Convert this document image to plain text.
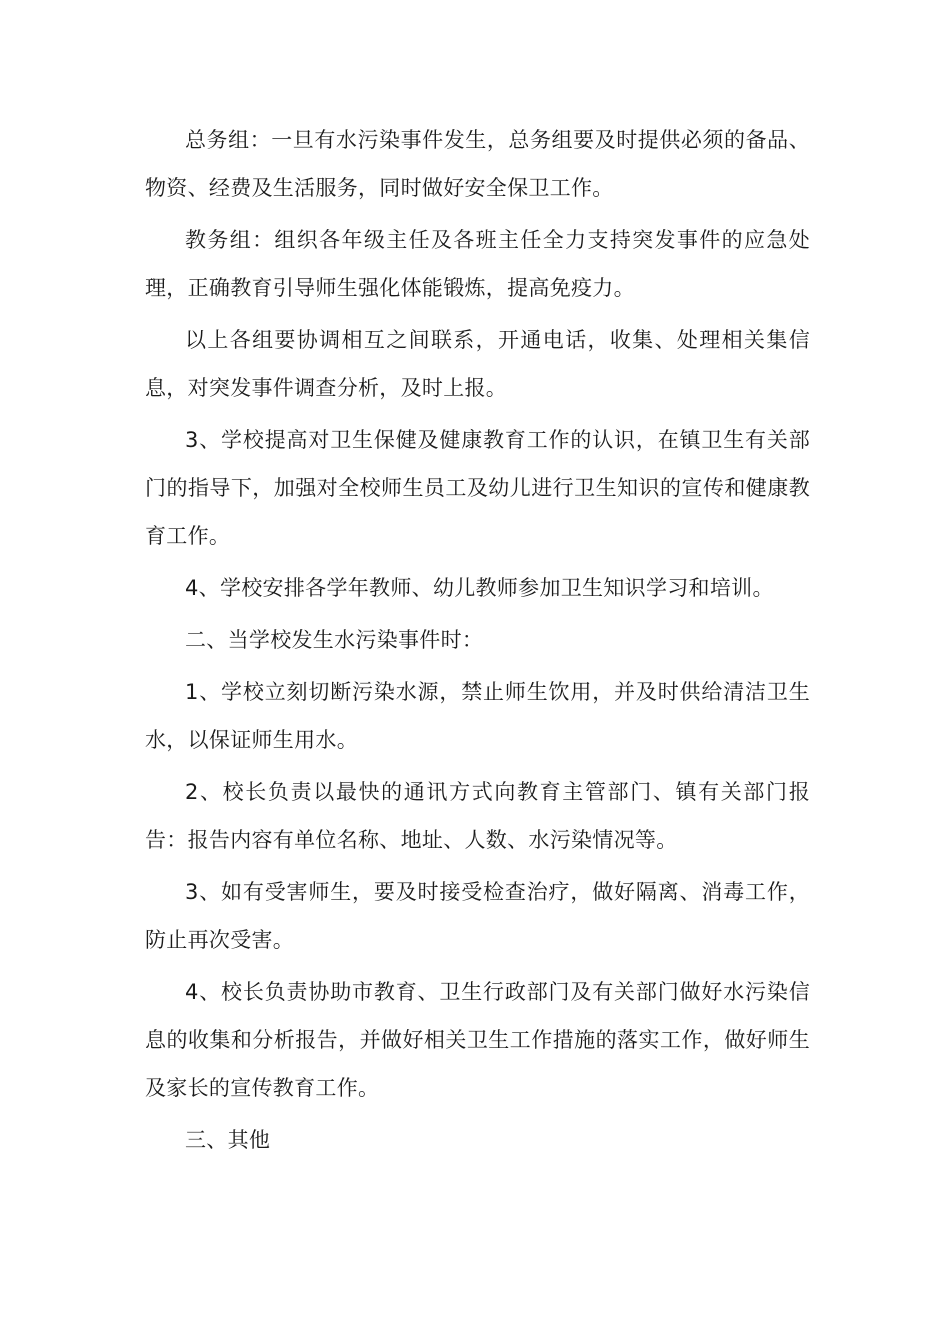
总务组：一旦有水污染事件发生，总务组要及时提供必须的备品、物资、经费及生活服务，同时做好安全保卫工作。

教务组：组织各年级主任及各班主任全力支持突发事件的应急处理，正确教育引导师生强化体能锻炼，提高免疫力。

以上各组要协调相互之间联系，开通电话，收集、处理相关集信息，对突发事件调查分析，及时上报。

3、学校提高对卫生保健及健康教育工作的认识，在镇卫生有关部门的指导下，加强对全校师生员工及幼儿进行卫生知识的宣传和健康教育工作。

4、学校安排各学年教师、幼儿教师参加卫生知识学习和培训。

二、当学校发生水污染事件时：

1、学校立刻切断污染水源，禁止师生饮用，并及时供给清洁卫生水，以保证师生用水。

2、校长负责以最快的通讯方式向教育主管部门、镇有关部门报告：报告内容有单位名称、地址、人数、水污染情况等。

3、如有受害师生，要及时接受检查治疗，做好隔离、消毒工作，防止再次受害。

4、校长负责协助市教育、卫生行政部门及有关部门做好水污染信息的收集和分析报告，并做好相关卫生工作措施的落实工作，做好师生及家长的宣传教育工作。

三、其他
